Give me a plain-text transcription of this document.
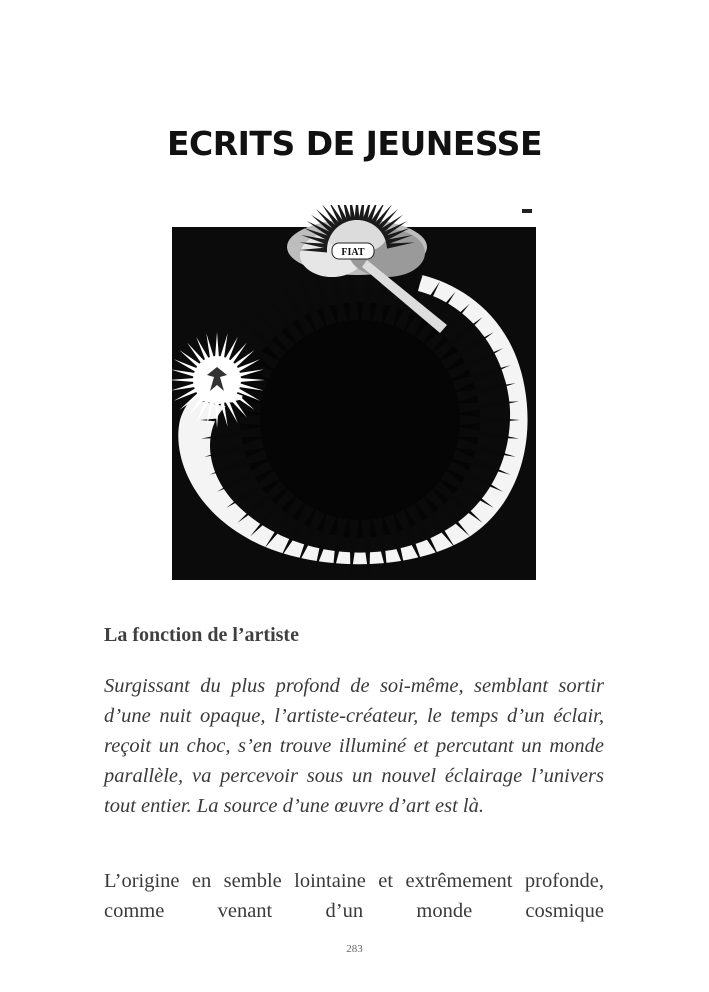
ECRITS DE JEUNESSE
FIAT
La fonction de l’artiste

Surgissant du plus profond de soi-même, semblant sortir d’une nuit opaque, l’artiste-créateur, le temps d’un éclair, reçoit un choc, s’en trouve illuminé et percutant un monde parallèle, va percevoir sous un nouvel éclairage l’univers tout entier. La source d’une œuvre d’art est là.

L’origine en semble lointaine et extrêmement profonde, comme venant d’un monde cosmique

283
